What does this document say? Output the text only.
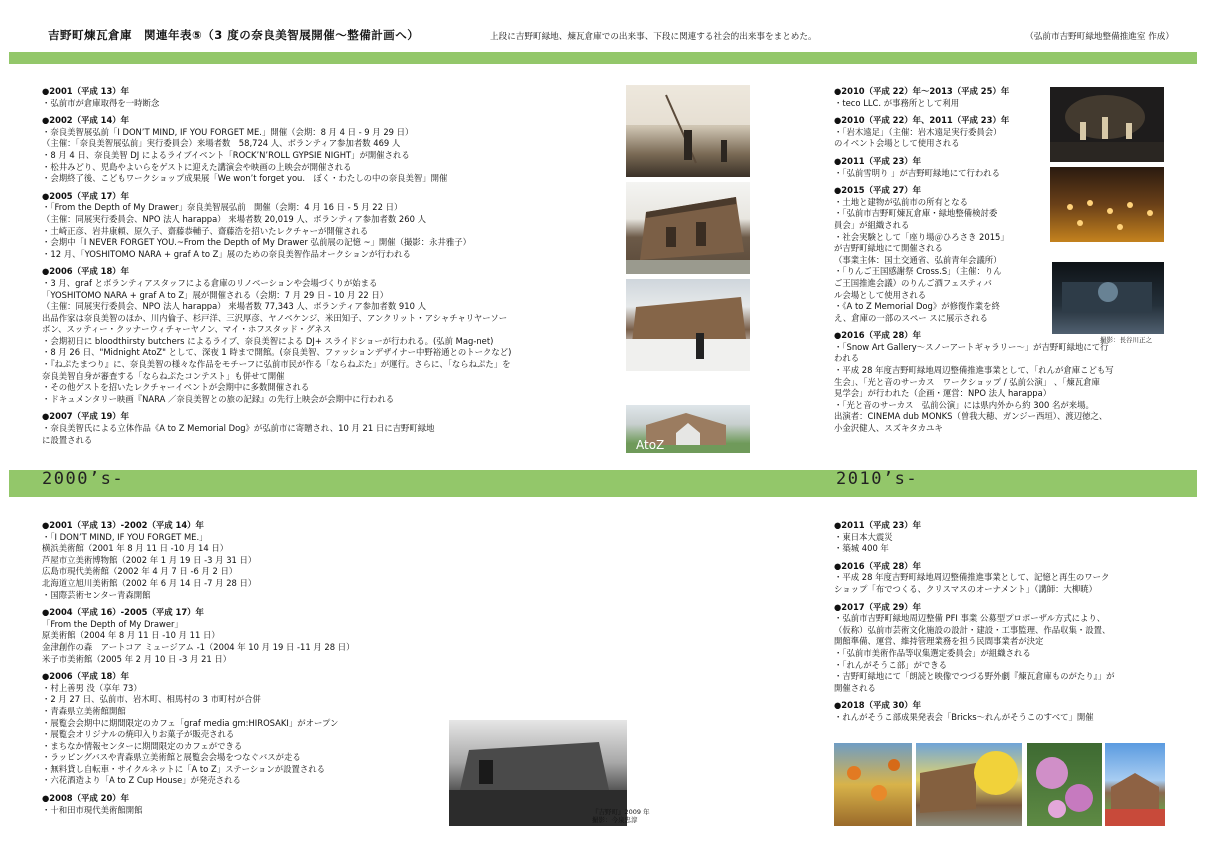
吉野町煉瓦倉庫　関連年表⑤（3 度の奈良美智展開催～整備計画へ）	上段に吉野町緑地、煉瓦倉庫での出来事、下段に関連する社会的出来事をまとめた。	（弘前市吉野町緑地整備推進室 作成）
2000’s-	2010’s-
●2001（平成 13）年
・弘前市が倉庫取得を一時断念
●2002（平成 14）年
・奈良美智展弘前「I DON’T MIND, IF YOU FORGET ME.」開催（会期：8 月 4 日 - 9 月 29 日）
（主催：「奈良美智展弘前」実行委員会）来場者数　58,724 人、ボランティア参加者数 469 人
・8 月 4 日、奈良美智 DJ によるライブイベント「ROCK’N’ROLL GYPSIE NIGHT」が開催される
・松井みどり、児島やよいらをゲストに迎えた講演会や映画の上映会が開催される
・会期終了後、こどもワークショップ成果展「We won’t forget you.　ぼく・わたしの中の奈良美智」開催
●2005（平成 17）年
・「From the Depth of My Drawer」奈良美智展弘前　開催（会期：4 月 16 日 - 5 月 22 日）
（主催：同展実行委員会、NPO 法人 harappa） 来場者数 20,019 人、ボランティア参加者数 260 人
・土崎正彦、岩井康頼、原久子、齋藤恭輔子、齋藤浩を招いたレクチャーが開催される
・会期中「I NEVER FORGET YOU.~From the Depth of My Drawer 弘前展の記憶 ~」開催（撮影：永井雅子）
・12 月、「YOSHITOMO NARA + graf A to Z」展のための奈良美智作品オークションが行われる
●2006（平成 18）年
・3 月、graf とボランティアスタッフによる倉庫のリノベーションや会場づくりが始まる
「YOSHITOMO NARA + graf A to Z」展が開催される（会期：7 月 29 日 - 10 月 22 日）
（主催：同展実行委員会、NPO 法人 harappa） 来場者数 77,343 人、ボランティア参加者数 910 人
出品作家は奈良美智のほか、川内倫子、杉戸洋、三沢厚彦、ヤノベケンジ、米田知子、アンクリット・アシャチャリヤーソー
ボン、スッティー・クッナーウィチャーヤノン、マイ・ホフスタッド・グネス
・会期初日に bloodthirsty butchers によるライブ、奈良美智による DJ+ スライドショーが行われる。(弘前 Mag-net)
・8 月 26 日、"Midnight AtoZ" として、深夜 1 時まで開館。(奈良美智、ファッションデザイナー中野裕通とのトークなど)
・『ねぷたまつり』に、奈良美智の様々な作品をモチーフに弘前市民が作る「ならねぷた」が運行。さらに、「ならねぷた」を
奈良美智自身が審査する「ならねぷたコンテスト」も併せて開催
・その他ゲストを招いたレクチャーイベントが会期中に多数開催される
・ドキュメンタリー映画『NARA ／奈良美智との旅の記録』の先行上映会が会期中に行われる
●2007（平成 19）年
・奈良美智氏による立体作品《A to Z Memorial Dog》が弘前市に寄贈され、10 月 21 日に吉野町緑地
に設置される
●2010（平成 22）年～2013（平成 25）年
・teco LLC. が事務所として利用
●2010（平成 22）年、2011（平成 23）年
・「岩木遠足」（主催：岩木遠足実行委員会）
のイベント会場として使用される
●2011（平成 23）年
・「弘前雪明り 」が吉野町緑地にて行われる
●2015（平成 27）年
・土地と建物が弘前市の所有となる
・「弘前市吉野町煉瓦倉庫・緑地整備検討委
員会」が組織される
・社会実験として「座り場＠ひろさき 2015」
が吉野町緑地にて開催される
（事業主体：国土交通省、弘前青年会議所）
・「りんご王国感謝祭 Cross.S」（主催：りん
ご王国推進会議）のりんご酒フェスティバ
ル会場として使用される
・《A to Z Memorial Dog》が修復作業を終
え、倉庫の一部のスペー スに展示される
●2016（平成 28）年
・「Snow Art Gallery～スノーアートギャラリー～」が吉野町緑地にて行
われる
・平成 28 年度吉野町緑地周辺整備推進事業として、「れんが倉庫こども写
生会」、「光と音のサーカス　ワークショップ / 弘前公演」 、「煉瓦倉庫
見学会」が行われた（企画・運営：NPO 法人 harappa）
・「光と音のサーカス　弘前公演」には県内外から約 300 名が来場。
出演者：CINEMA dub MONKS（曽我大穂、ガンジー西垣）、渡辺徳之、
小金沢健人、スズキタカユキ
●2001（平成 13）-2002（平成 14）年
・「I DON’T MIND, IF YOU FORGET ME.」
横浜美術館（2001 年 8 月 11 日 -10 月 14 日）
芦屋市立美術博物館（2002 年 1 月 19 日 -3 月 31 日）
広島市現代美術館（2002 年 4 月 7 日 -6 月 2 日）
北海道立旭川美術館（2002 年 6 月 14 日 -7 月 28 日）
・国際芸術センター青森開館
●2004（平成 16）-2005（平成 17）年
「From the Depth of My Drawer」
原美術館（2004 年 8 月 11 日 -10 月 11 日）
金津創作の森　アートコア ミュージアム -1（2004 年 10 月 19 日 -11 月 28 日）
米子市美術館（2005 年 2 月 10 日 -3 月 21 日）
●2006（平成 18）年
・村上善男 没（享年 73）
・2 月 27 日、弘前市、岩木町、相馬村の 3 市町村が合併
・青森県立美術館開館
・展覧会会期中に期間限定のカフェ「graf media gm:HIROSAKI」がオープン
・展覧会オリジナルの焼印入りお菓子が販売される
・まちなか情報センターに期間限定のカフェができる
・ラッピングバスや青森県立美術館と展覧会会場をつなぐバスが走る
・無料貸し自転車・サイクルネットに「A to Z」ステーションが設置される
・六花酒造より「A to Z Cup House」が発売される
●2008（平成 20）年
・十和田市現代美術館開館
●2011（平成 23）年
・東日本大震災
・築城 400 年
●2016（平成 28）年
・平成 28 年度吉野町緑地周辺整備推進事業として、記憶と再生のワーク
ショップ「布でつくる、クリスマスのオーナメント」（講師：大柳暁）
●2017（平成 29）年
・弘前市吉野町緑地周辺整備 PFI 事業 公募型プロポーザル方式により、
（仮称）弘前市芸術文化施設の設計・建設・工事監理、作品収集・設置、
開館準備、運営、維持管理業務を担う民間事業者が決定
・「弘前市美術作品等収集選定委員会」が組織される
・「れんがそうこ部」ができる
・吉野町緑地にて「朗読と映像でつづる野外劇『煉瓦倉庫ものがたり』」が
開催される
●2018（平成 30）年
・れんがそうこ部成果発表会「Bricks～れんがそうこのすべて」開催
AtoZ
撮影：長谷川正之
『吉野町』2009 年
撮影：今泉忠淳
